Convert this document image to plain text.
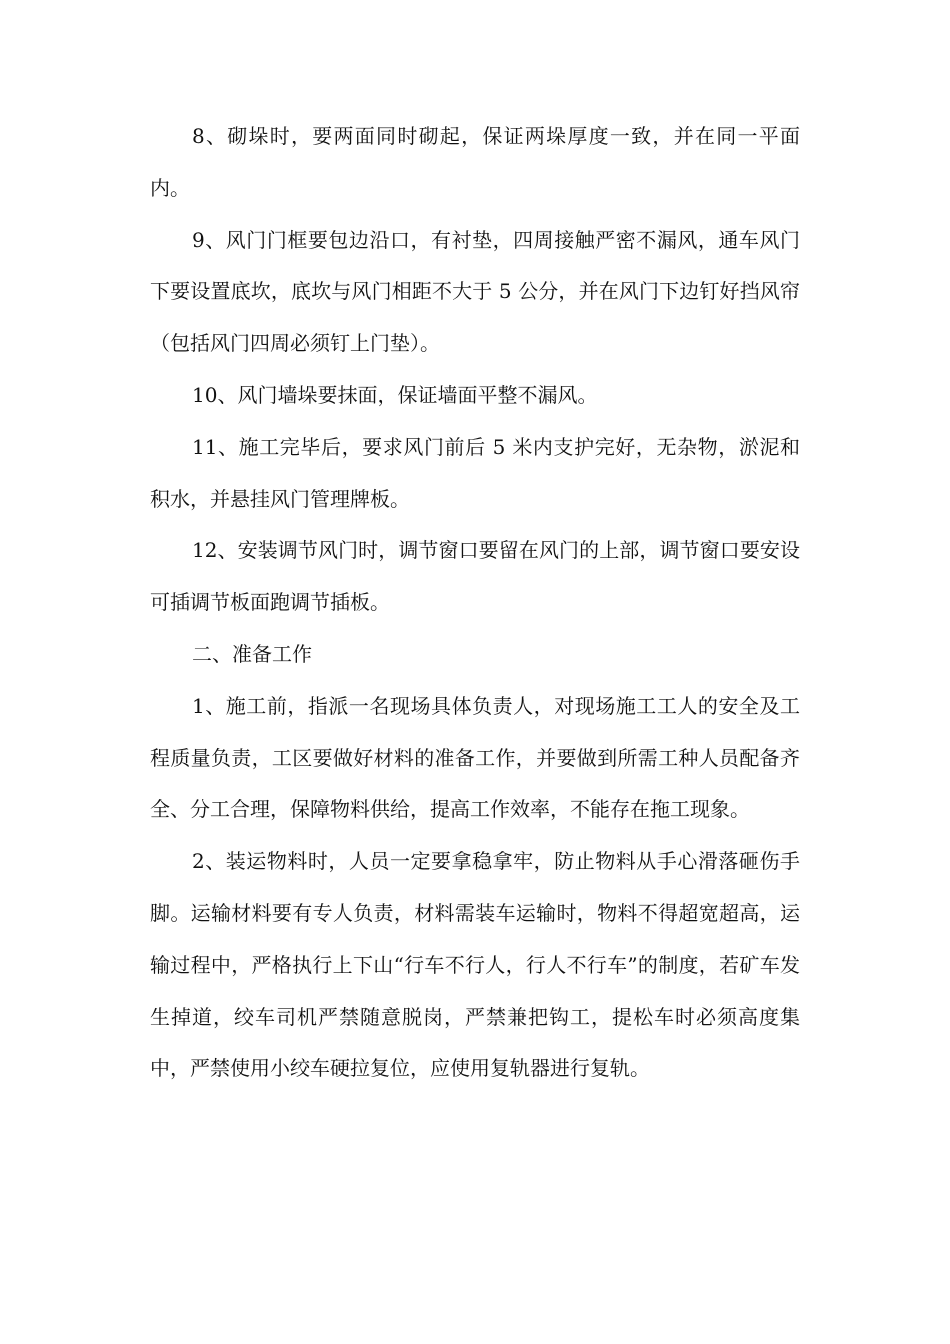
8、砌垛时，要两面同时砌起，保证两垛厚度一致，并在同一平面内。

9、风门门框要包边沿口，有衬垫，四周接触严密不漏风，通车风门下要设置底坎，底坎与风门相距不大于 5 公分，并在风门下边钉好挡风帘（包括风门四周必须钉上门垫）。

10、风门墙垛要抹面，保证墙面平整不漏风。

11、施工完毕后，要求风门前后 5 米内支护完好，无杂物，淤泥和积水，并悬挂风门管理牌板。

12、安装调节风门时，调节窗口要留在风门的上部，调节窗口要安设可插调节板面跑调节插板。

二、准备工作

1、施工前，指派一名现场具体负责人，对现场施工工人的安全及工程质量负责，工区要做好材料的准备工作，并要做到所需工种人员配备齐全、分工合理，保障物料供给，提高工作效率，不能存在拖工现象。

2、装运物料时，人员一定要拿稳拿牢，防止物料从手心滑落砸伤手脚。运输材料要有专人负责，材料需装车运输时，物料不得超宽超高，运输过程中，严格执行上下山“行车不行人，行人不行车”的制度，若矿车发生掉道，绞车司机严禁随意脱岗，严禁兼把钩工，提松车时必须高度集中，严禁使用小绞车硬拉复位，应使用复轨器进行复轨。
